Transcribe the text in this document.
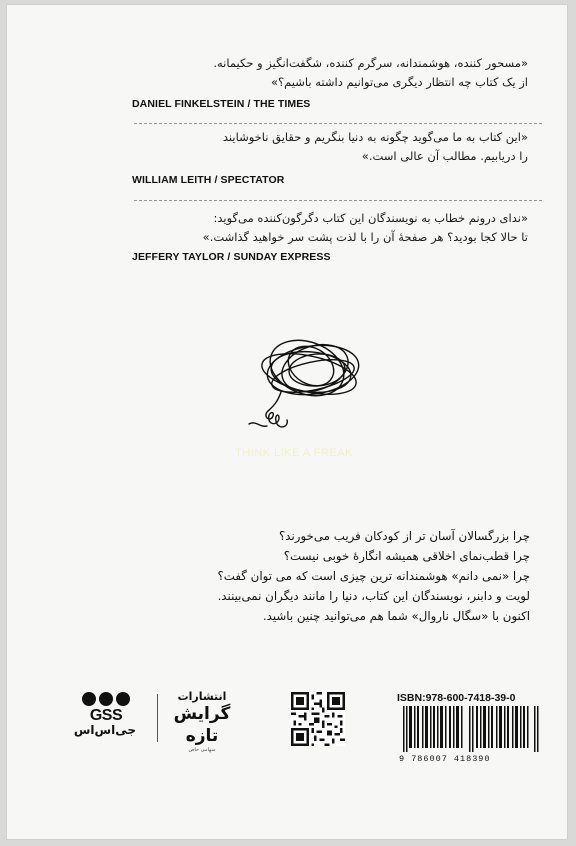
«مسحور کننده، هوشمندانه، سرگرم کننده، شگفت‌انگیز و حکیمانه.
از یک کتاب چه انتظار دیگری می‌توانیم داشته باشیم؟»
DANIEL FINKELSTEIN / THE TIMES
«این کتاب به ما می‌گوید چگونه به دنیا بنگریم و حقایق ناخوشایند
را دریابیم. مطالب آن عالی است.»
WILLIAM LEITH / SPECTATOR
«ندای درونم خطاب به نویسندگان این کتاب دگرگون‌کننده می‌گوید:
تا حالا کجا بودید؟ هر صفحهٔ آن را با لذت پشت سر خواهید گذاشت.»
JEFFERY TAYLOR / SUNDAY EXPRESS
THINK LIKE A FREAK
چرا بزرگسالان آسان تر از کودکان فریب می‌خورند؟
چرا قطب‌نمای اخلاقی همیشه انگارهٔ خوبی نیست؟
چرا «نمی دانم» هوشمندانه ترین چیزی است که می توان گفت؟
لویت و دابنر، نویسندگان این کتاب، دنیا را مانند دیگران نمی‌بینند.
اکنون با «سگال ناروال» شما هم می‌توانید چنین باشید.
GSS
جی‌اس‌اس
انتشارات
گرایش تازه
سهامی خاص
ISBN:978-600-7418-39-0
9 786007 418390
